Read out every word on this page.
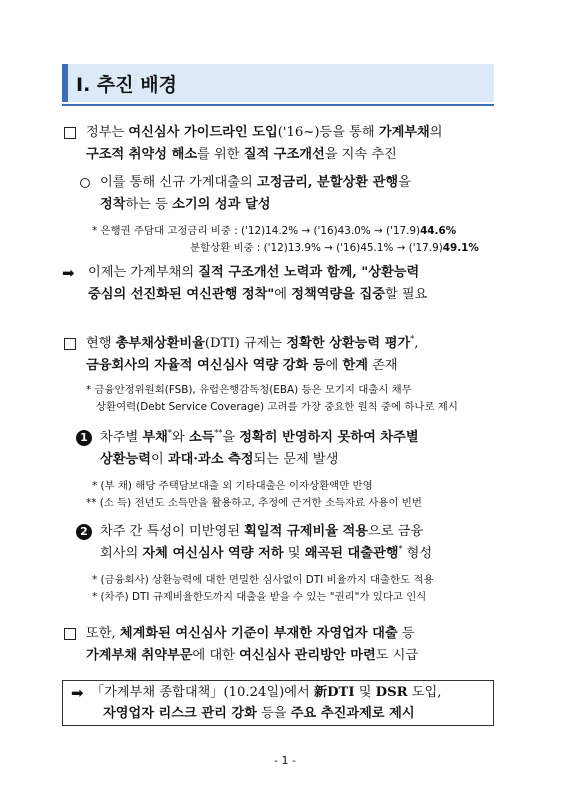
Ⅰ. 추진 배경
정부는 여신심사 가이드라인 도입('16~)등을 통해 가계부채의
구조적 취약성 해소를 위한 질적 구조개선을 지속 추진
이를 통해 신규 가계대출의 고정금리, 분할상환 관행을
정착하는 등 소기의 성과 달성
* 은행권 주담대 고정금리 비중 : ('12)14.2% → ('16)43.0% → ('17.9)44.6%
분할상환 비중 : ('12)13.9% → ('16)45.1% → ('17.9)49.1%
➡ 이제는 가계부채의 질적 구조개선 노력과 함께, "상환능력
중심의 선진화된 여신관행 정착"에 정책역량을 집중할 필요
현행 총부채상환비율(DTI) 규제는 정확한 상환능력 평가*,
금융회사의 자율적 여신심사 역량 강화 등에 한계 존재
* 금융안정위원회(FSB), 유럽은행감독청(EBA) 등은 모기지 대출시 채무
상환여력(Debt Service Coverage) 고려를 가장 중요한 원칙 중에 하나로 제시
1 차주별 부채*와 소득**을 정확히 반영하지 못하여 차주별
상환능력이 과대·과소 측정되는 문제 발생
* (부 채) 해당 주택담보대출 외 기타대출은 이자상환액만 반영
** (소 득) 전년도 소득만을 활용하고, 추정에 근거한 소득자료 사용이 빈번
2 차주 간 특성이 미반영된 획일적 규제비율 적용으로 금융
회사의 자체 여신심사 역량 저하 및 왜곡된 대출관행* 형성
* (금융회사) 상환능력에 대한 면밀한 심사없이 DTI 비율까지 대출한도 적용
* (차주) DTI 규제비율한도까지 대출을 받을 수 있는 "권리"가 있다고 인식
또한, 체계화된 여신심사 기준이 부재한 자영업자 대출 등
가계부채 취약부문에 대한 여신심사 관리방안 마련도 시급
➡ 「가계부채 종합대책」(10.24일)에서 新DTI 및 DSR 도입,
자영업자 리스크 관리 강화 등을 주요 추진과제로 제시
- 1 -
